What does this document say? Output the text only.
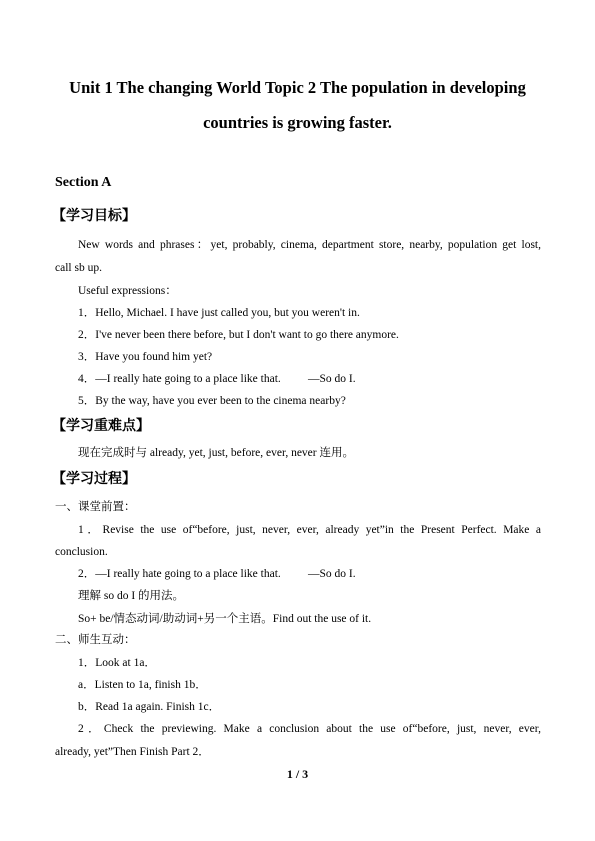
Unit 1 The changing World Topic 2 The population in developing
countries is growing faster.
Section A
【学习目标】
New words and phrases：yet, probably, cinema, department store, nearby, population get lost,
call sb up.
Useful expressions：
1．Hello, Michael. I have just called you, but you weren't in.
2．I've never been there before, but I don't want to go there anymore.
3．Have you found him yet?
4．—I really hate going to a place like that. —So do I.
5．By the way, have you ever been to the cinema nearby?
【学习重难点】
现在完成时与 already, yet, just, before, ever, never 连用。
【学习过程】
一、课堂前置：
1．Revise the use of“before, just, never, ever, already yet”in the Present Perfect. Make a
conclusion.
2．—I really hate going to a place like that. —So do I.
理解 so do I 的用法。
So+ be/情态动词/助动词+另一个主语。Find out the use of it.
二、师生互动：
1．Look at 1a．
a．Listen to 1a, finish 1b．
b．Read 1a again. Finish 1c．
2．Check the previewing. Make a conclusion about the use of“before, just, never, ever,
already, yet”Then Finish Part 2．
1 / 3
